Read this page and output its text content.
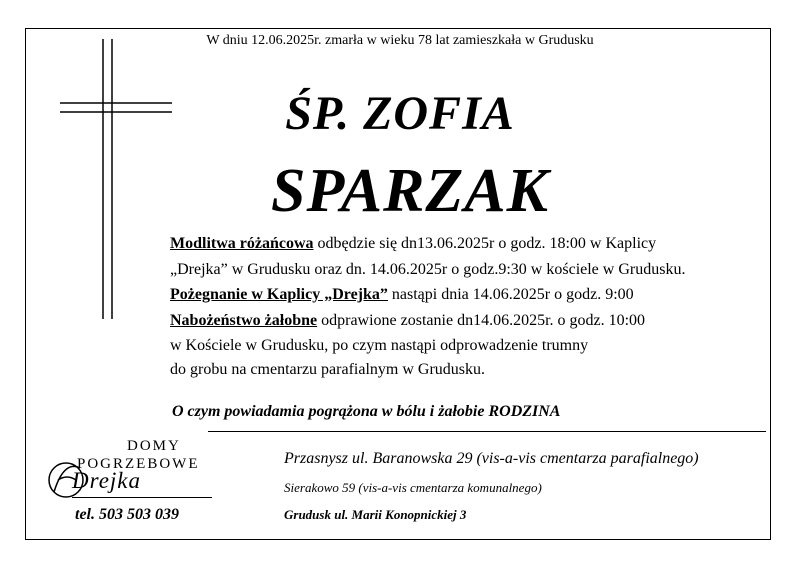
W dniu 12.06.2025r. zmarła w wieku 78 lat zamieszkała w Grudusku
ŚP. ZOFIA
SPARZAK
Modlitwa różańcowa odbędzie się dn13.06.2025r o godz. 18:00 w Kaplicy
„Drejka” w Grudusku oraz dn. 14.06.2025r o godz.9:30 w kościele w Grudusku.
Pożegnanie w Kaplicy „Drejka” nastąpi dnia 14.06.2025r o godz. 9:00
Nabożeństwo żałobne odprawione zostanie dn14.06.2025r. o godz. 10:00
w Kościele w Grudusku, po czym nastąpi odprowadzenie trumny
do grobu na cmentarzu parafialnym w Grudusku.
O czym powiadamia pogrążona w bólu i żałobie RODZINA
DOMY
POGRZEBOWE
Drejka
tel. 503 503 039
Przasnysz ul. Baranowska 29 (vis-a-vis cmentarza parafialnego)
Sierakowo 59 (vis-a-vis cmentarza komunalnego)
Grudusk ul. Marii Konopnickiej 3
